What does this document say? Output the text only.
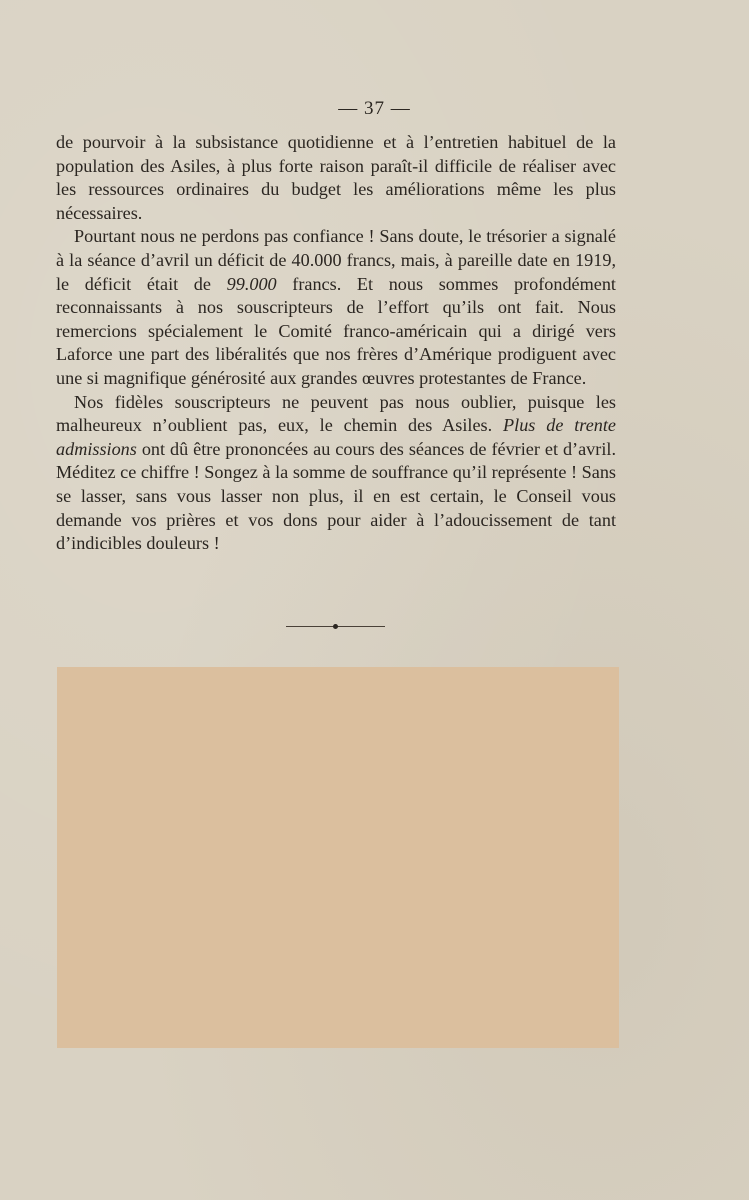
— 37 —

de pourvoir à la subsistance quotidienne et à l’entretien habituel de la population des Asiles, à plus forte raison paraît-il difficile de réaliser avec les ressources ordinaires du budget les améliorations même les plus nécessaires.

Pourtant nous ne perdons pas confiance ! Sans doute, le trésorier a signalé à la séance d’avril un déficit de 40.000 francs, mais, à pareille date en 1919, le déficit était de 99.000 francs. Et nous sommes profondément reconnaissants à nos souscripteurs de l’effort qu’ils ont fait. Nous remercions spécialement le Comité franco-américain qui a dirigé vers Laforce une part des libéralités que nos frères d’Amérique prodiguent avec une si magnifique générosité aux grandes œuvres protestantes de France.

Nos fidèles souscripteurs ne peuvent pas nous oublier, puisque les malheureux n’oublient pas, eux, le chemin des Asiles. Plus de trente admissions ont dû être prononcées au cours des séances de février et d’avril. Méditez ce chiffre ! Songez à la somme de souffrance qu’il représente ! Sans se lasser, sans vous lasser non plus, il en est certain, le Conseil vous demande vos prières et vos dons pour aider à l’adoucissement de tant d’indicibles douleurs !
